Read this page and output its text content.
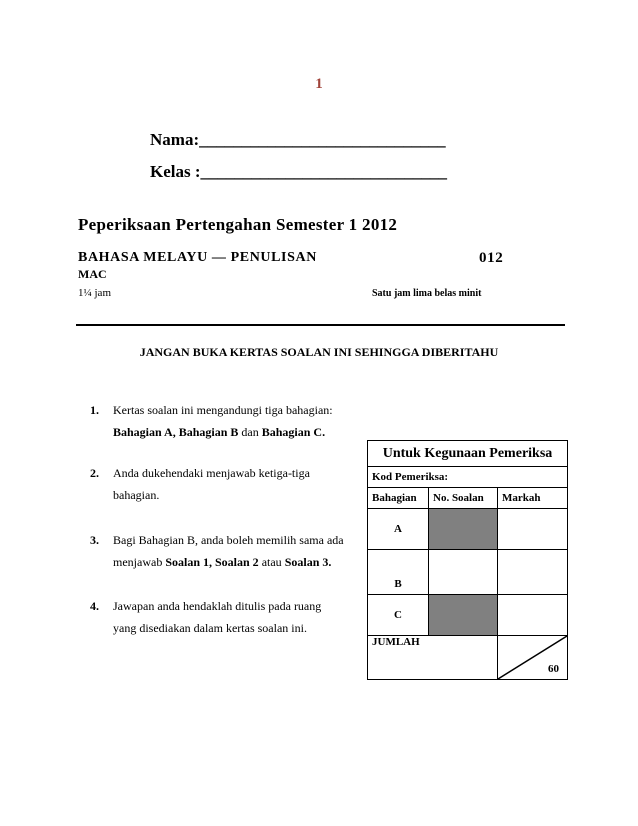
1
Nama:_____________________________
Kelas :_____________________________
Peperiksaan Pertengahan Semester 1 2012
BAHASA MELAYU — PENULISAN	012
MAC
1¼ jam	Satu jam lima belas minit
JANGAN BUKA KERTAS SOALAN INI SEHINGGA DIBERITAHU
1. Kertas soalan ini mengandungi tiga bahagian:
Bahagian A, Bahagian B dan Bahagian C.
2. Anda dukehendaki menjawab ketiga-tiga
bahagian.
3. Bagi Bahagian B, anda boleh memilih sama ada
menjawab Soalan 1, Soalan 2 atau Soalan 3.
4. Jawapan anda hendaklah ditulis pada ruang
yang disediakan dalam kertas soalan ini.
Untuk Kegunaan Pemeriksa		
Kod Pemeriksa:		
Bahagian	No. Soalan	Markah
A		
B		
C		
JUMLAH		60
